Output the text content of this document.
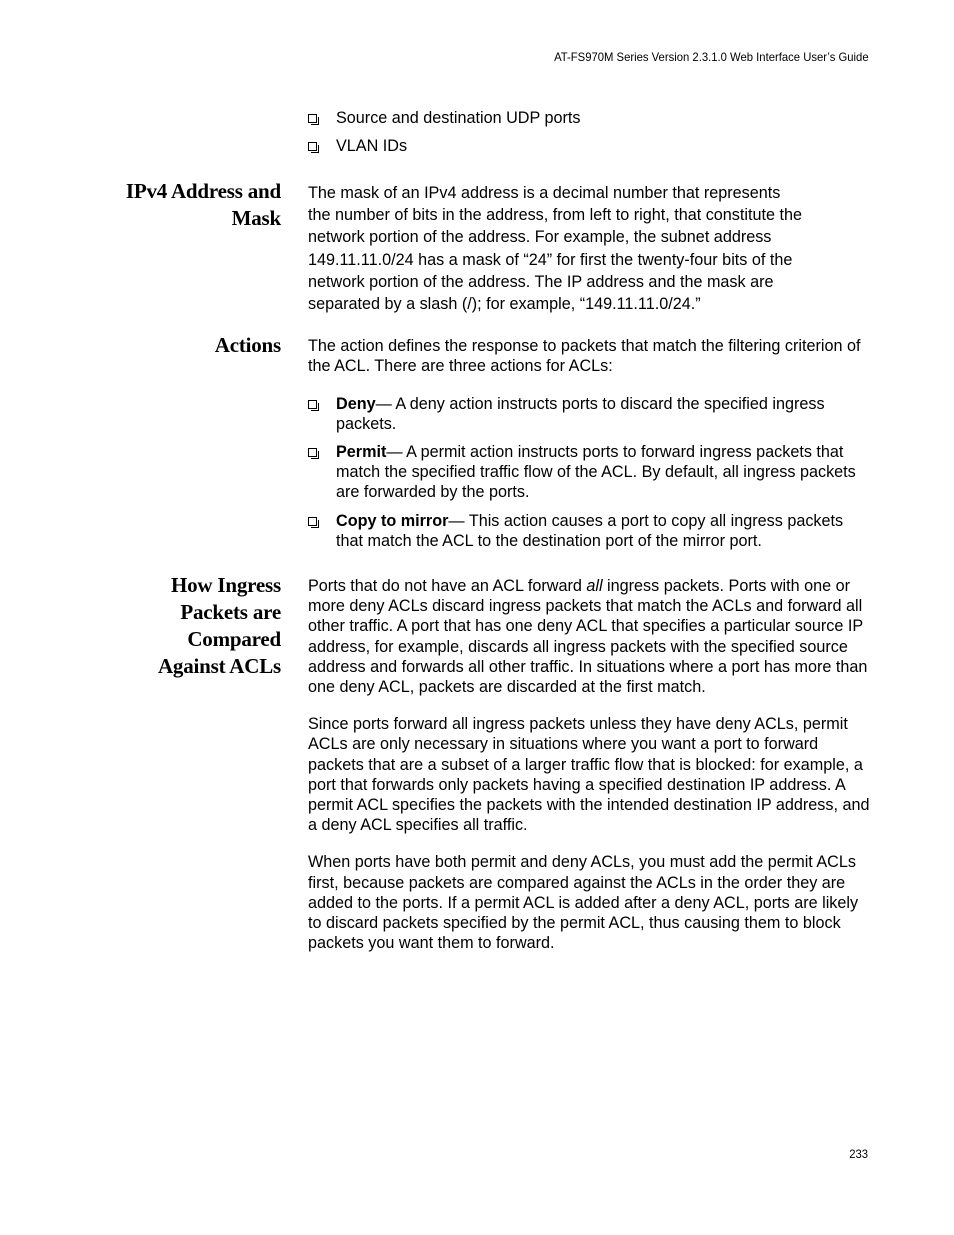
AT-FS970M Series Version 2.3.1.0 Web Interface User’s Guide
Source and destination UDP ports
VLAN IDs
IPv4 Address and
Mask
The mask of an IPv4 address is a decimal number that represents
the number of bits in the address, from left to right, that constitute the
network portion of the address. For example, the subnet address
149.11.11.0/24 has a mask of “24” for first the twenty-four bits of the
network portion of the address. The IP address and the mask are
separated by a slash (/); for example, “149.11.11.0/24.”
Actions The action defines the response to packets that match the filtering criterion of the ACL. There are three actions for ACLs:

Deny— A deny action instructs ports to discard the specified ingress packets.
Permit— A permit action instructs ports to forward ingress packets that match the specified traffic flow of the ACL. By default, all ingress packets are forwarded by the ports.
Copy to mirror— This action causes a port to copy all ingress packets that match the ACL to the destination port of the mirror port.
How Ingress
Packets are
Compared
Against ACLs

Ports that do not have an ACL forward all ingress packets. Ports with one or more deny ACLs discard ingress packets that match the ACLs and forward all other traffic. A port that has one deny ACL that specifies a particular source IP address, for example, discards all ingress packets with the specified source address and forwards all other traffic. In situations where a port has more than one deny ACL, packets are discarded at the first match.

Since ports forward all ingress packets unless they have deny ACLs, permit ACLs are only necessary in situations where you want a port to forward packets that are a subset of a larger traffic flow that is blocked: for example, a port that forwards only packets having a specified destination IP address. A permit ACL specifies the packets with the intended destination IP address, and a deny ACL specifies all traffic.

When ports have both permit and deny ACLs, you must add the permit ACLs first, because packets are compared against the ACLs in the order they are added to the ports. If a permit ACL is added after a deny ACL, ports are likely to discard packets specified by the permit ACL, thus causing them to block packets you want them to forward.

233
